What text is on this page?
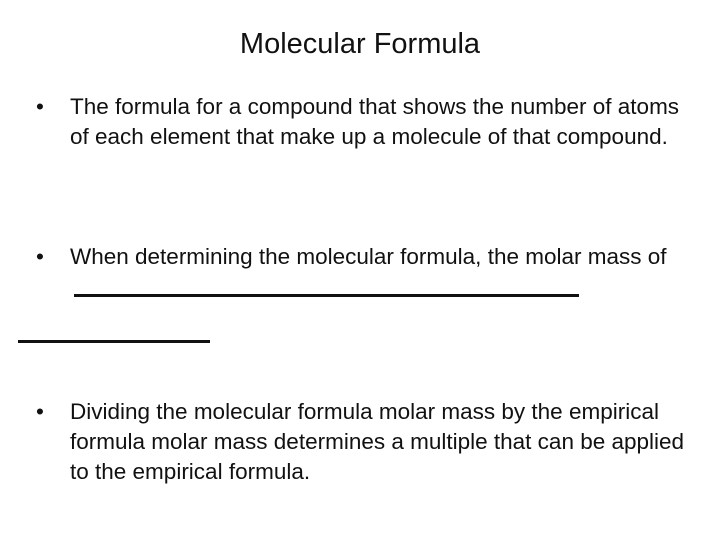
Molecular Formula
•	The formula for a compound that shows the number of atoms of each element that make up a molecule of that compound.
•	When determining the molecular formula, the molar mass of
•	Dividing the molecular formula molar mass by the empirical formula molar mass determines a multiple that can be applied to the empirical formula.
